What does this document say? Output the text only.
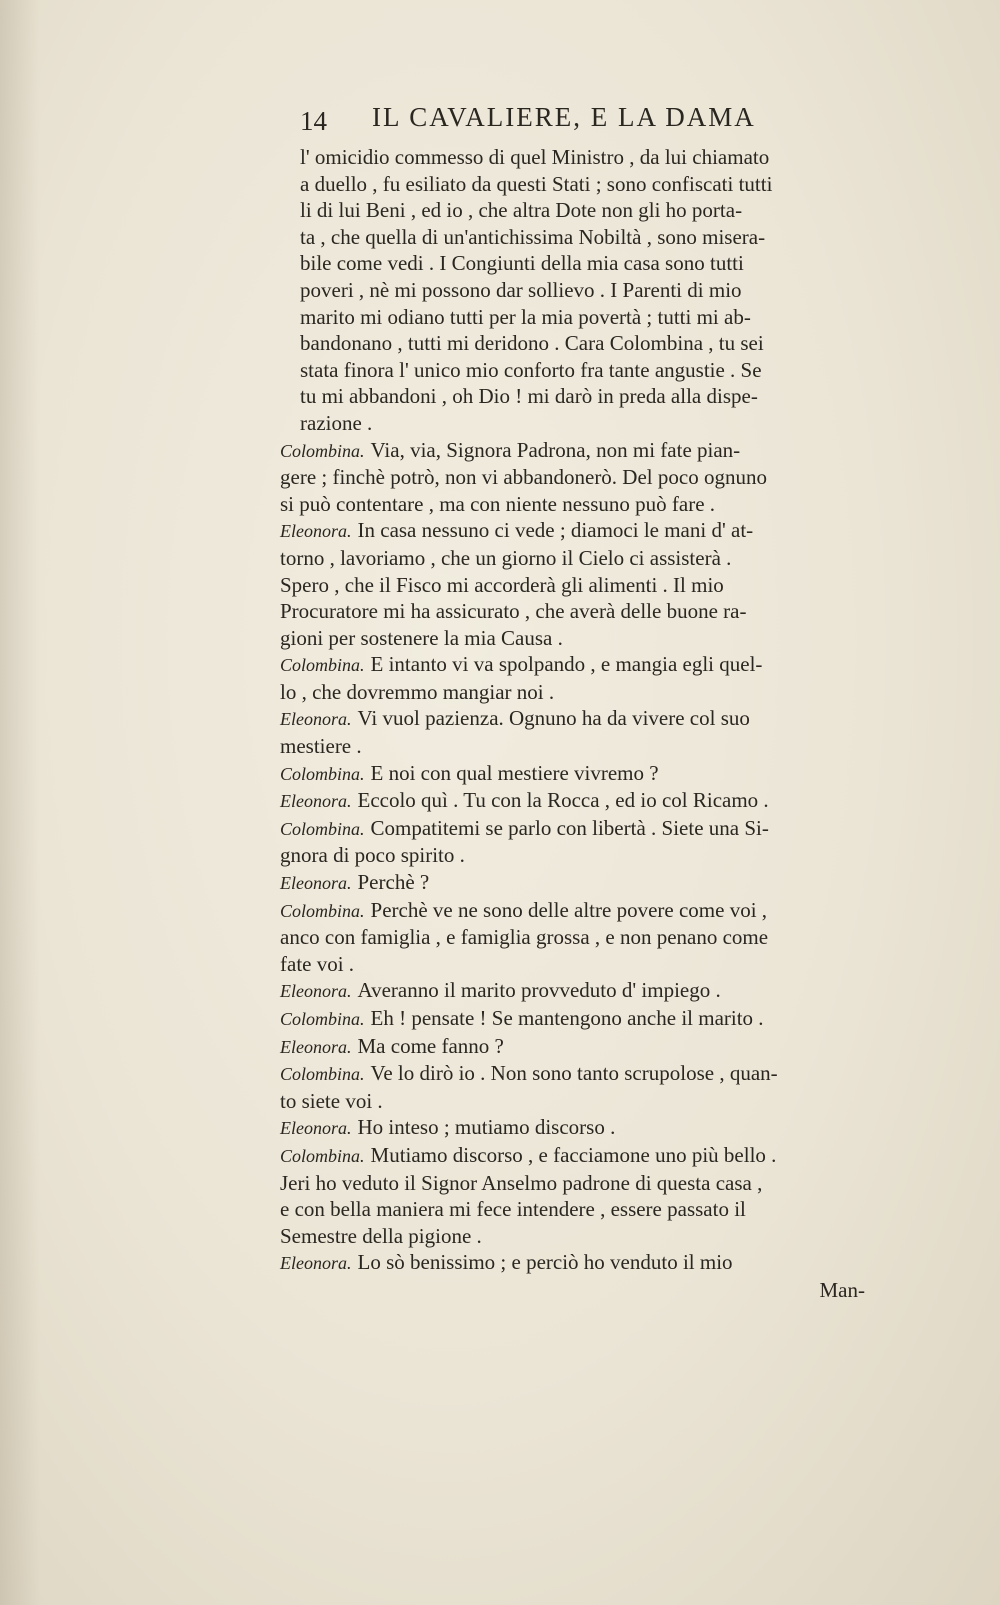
14 IL CAVALIERE, E LA DAMA
l' omicidio commesso di quel Ministro , da lui chiamato
a duello , fu esiliato da questi Stati ; sono confiscati tutti
li di lui Beni , ed io , che altra Dote non gli ho porta-
ta , che quella di un'antichissima Nobiltà , sono misera-
bile come vedi . I Congiunti della mia casa sono tutti
poveri , nè mi possono dar sollievo . I Parenti di mio
marito mi odiano tutti per la mia povertà ; tutti mi ab-
bandonano , tutti mi deridono . Cara Colombina , tu sei
stata finora l' unico mio conforto fra tante angustie . Se
tu mi abbandoni , oh Dio ! mi darò in preda alla dispe-
razione .
Colombina. Via, via, Signora Padrona, non mi fate pian-
gere ; finchè potrò, non vi abbandonerò. Del poco ognuno
si può contentare , ma con niente nessuno può fare .
Eleonora. In casa nessuno ci vede ; diamoci le mani d' at-
torno , lavoriamo , che un giorno il Cielo ci assisterà .
Spero , che il Fisco mi accorderà gli alimenti . Il mio
Procuratore mi ha assicurato , che averà delle buone ra-
gioni per sostenere la mia Causa .
Colombina. E intanto vi va spolpando , e mangia egli quel-
lo , che dovremmo mangiar noi .
Eleonora. Vi vuol pazienza. Ognuno ha da vivere col suo
mestiere .
Colombina. E noi con qual mestiere vivremo ?
Eleonora. Eccolo quì . Tu con la Rocca , ed io col Ricamo .
Colombina. Compatitemi se parlo con libertà . Siete una Si-
gnora di poco spirito .
Eleonora. Perchè ?
Colombina. Perchè ve ne sono delle altre povere come voi ,
anco con famiglia , e famiglia grossa , e non penano come
fate voi .
Eleonora. Averanno il marito provveduto d' impiego .
Colombina. Eh ! pensate ! Se mantengono anche il marito .
Eleonora. Ma come fanno ?
Colombina. Ve lo dirò io . Non sono tanto scrupolose , quan-
to siete voi .
Eleonora. Ho inteso ; mutiamo discorso .
Colombina. Mutiamo discorso , e facciamone uno più bello .
Jeri ho veduto il Signor Anselmo padrone di questa casa ,
e con bella maniera mi fece intendere , essere passato il
Semestre della pigione .
Eleonora. Lo sò benissimo ; e perciò ho venduto il mio
Man-
